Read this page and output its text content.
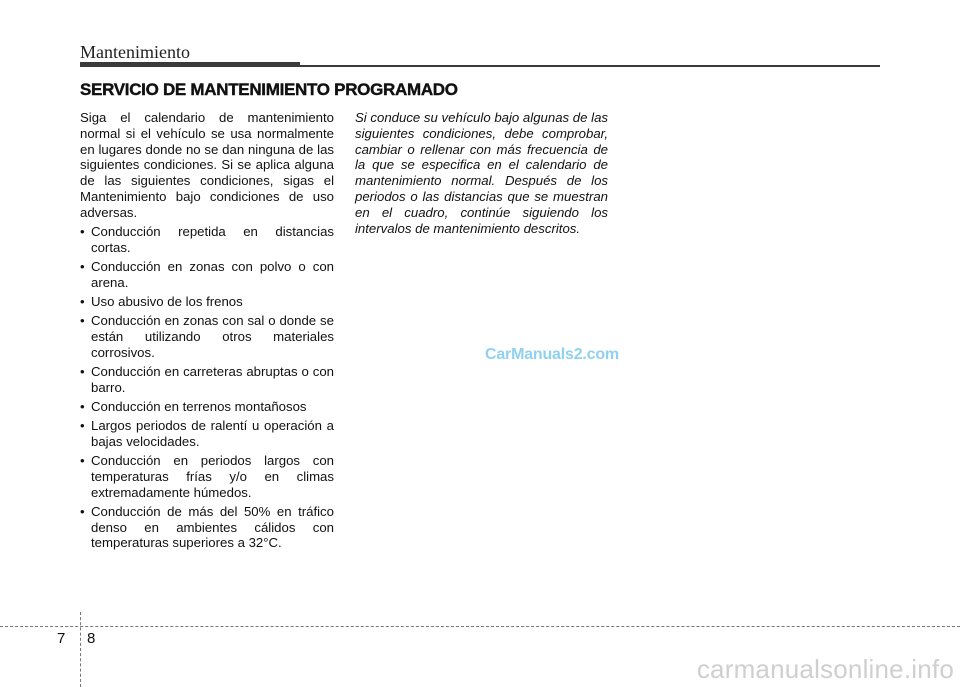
Mantenimiento
SERVICIO DE MANTENIMIENTO PROGRAMADO

Siga el calendario de mantenimiento normal si el vehículo se usa normalmente en lugares donde no se dan ninguna de las siguientes condiciones. Si se aplica alguna de las siguientes condiciones, sigas el Mantenimiento bajo condiciones de uso adversas.

• Conducción repetida en distancias cortas.
• Conducción en zonas con polvo o con arena.
• Uso abusivo de los frenos
• Conducción en zonas con sal o donde se están utilizando otros materiales corrosivos.
• Conducción en carreteras abruptas o con barro.
• Conducción en terrenos montañosos
• Largos periodos de ralentí u operación a bajas velocidades.
• Conducción en periodos largos con temperaturas frías y/o en climas extremadamente húmedos.
• Conducción de más del 50% en tráfico denso en ambientes cálidos con temperaturas superiores a 32°C.
Si conduce su vehículo bajo algunas de las siguientes condiciones, debe comprobar, cambiar o rellenar con más frecuencia de la que se especifica en el calendario de mantenimiento normal. Después de los periodos o las distancias que se muestran en el cuadro, continúe siguiendo los intervalos de mantenimiento descritos.
CarManuals2.com
7 8
carmanualsonline.info
